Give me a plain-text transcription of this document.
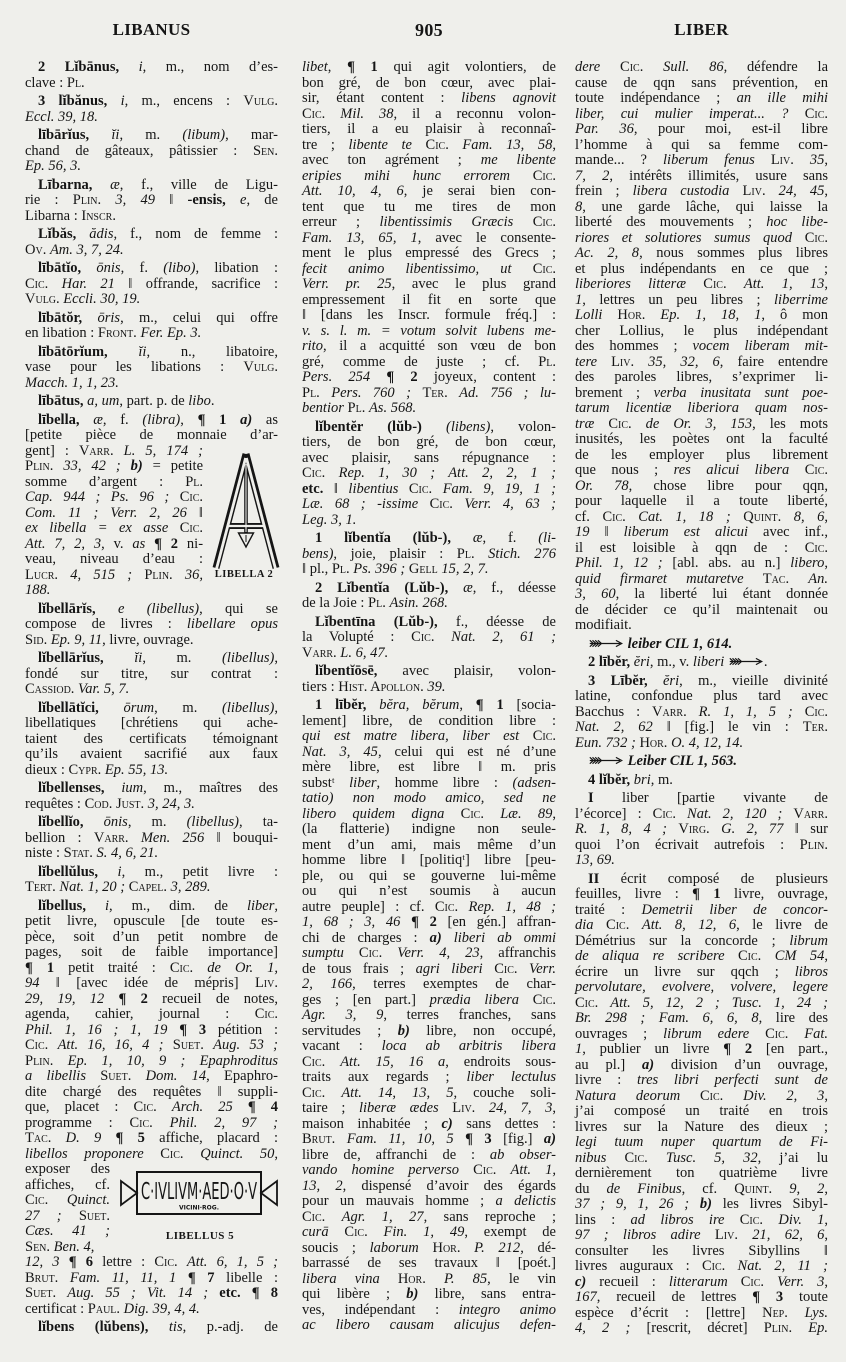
LIBANUS	905	LIBER
2 Lĭbānus, i, m., nom d’es-
clave : Pl.
3 lĭbănus, i, m., encens : Vulg.
Eccl. 39, 18.
lībārĭus, ĭi, m. (libum), mar-
chand de gâteaux, pâtissier : Sen.
Ep. 56, 3.
Lībarna, æ, f., ville de Ligu-
rie : Plin. 3, 49 ‖ -ensis, e, de
Libarna : Inscr.
Lĭbăs, ădis, f., nom de femme :
Ov. Am. 3, 7, 24.
lībātĭo, ōnis, f. (libo), libation :
Cic. Har. 21 ‖ offrande, sacrifice :
Vulg. Eccli. 30, 19.
lībātŏr, ōris, m., celui qui offre
en libation : Front. Fer. Ep. 3.
lībātōrĭum, ĭi, n., libatoire,
vase pour les libations : Vulg.
Macch. 1, 1, 23.
lībātus, a, um, part. p. de libo.
lībella, æ, f. (libra), ¶ 1 a) as
[petite pièce de monnaie d’ar-
gent] : Varr. L. 5, 174 ;
Plin. 33, 42 ; b) = petite
somme d’argent : Pl.
Cap. 944 ; Ps. 96 ; Cic.
Com. 11 ; Verr. 2, 26 ‖
ex libella = ex asse Cic.
Att. 7, 2, 3, v. as ¶ 2 ni-
veau, niveau d’eau :
Lucr. 4, 515 ; Plin. 36,
188.
lĭbellārĭs, e (libellus), qui se
compose de livres : libellare opus
Sid. Ep. 9, 11, livre, ouvrage.
lĭbellārĭus, ĭi, m. (libellus),
fondé sur titre, sur contrat :
Cassiod. Var. 5, 7.
lĭbellātĭci, ōrum, m. (libellus),
libellatiques [chrétiens qui ache-
taient des certificats témoignant
qu’ils avaient sacrifié aux faux
dieux : Cypr. Ep. 55, 13.
lĭbellenses, ium, m., maîtres des
requêtes : Cod. Just. 3, 24, 3.
lĭbellĭo, ōnis, m. (libellus), ta-
bellion : Varr. Men. 256 ‖ bouqui-
niste : Stat. S. 4, 6, 21.
lĭbellŭlus, i, m., petit livre :
Tert. Nat. 1, 20 ; Capel. 3, 289.
lĭbellus, i, m., dim. de liber,
petit livre, opuscule [de toute es-
pèce, soit d’un petit nombre de
pages, soit de faible importance]
¶ 1 petit traité : Cic. de Or. 1,
94 ‖ [avec idée de mépris] Liv.
29, 19, 12 ¶ 2 recueil de notes,
agenda, cahier, journal : Cic.
Phil. 1, 16 ; 1, 19 ¶ 3 pétition :
Cic. Att. 16, 16, 4 ; Suet. Aug. 53 ;
Plin. Ep. 1, 10, 9 ; Epaphroditus
a libellis Suet. Dom. 14, Epaphro-
dite chargé des requêtes ‖ suppli-
que, placet : Cic. Arch. 25 ¶ 4
programme : Cic. Phil. 2, 97 ;
Tac. D. 9 ¶ 5 affiche, placard :
libellos proponere Cic. Quinct. 50,
exposer des
affiches, cf.
Cic. Quinct.
27 ; Suet.
Cæs. 41 ;
Sen. Ben. 4,
12, 3 ¶ 6 lettre : Cic. Att. 6, 1, 5 ;
Brut. Fam. 11, 11, 1 ¶ 7 libelle :
Suet. Aug. 55 ; Vit. 14 ; etc. ¶ 8
certificat : Paul. Dig. 39, 4, 4.
lĭbens (lŭbens), tis, p.-adj. de
libet, ¶ 1 qui agit volontiers, de
bon gré, de bon cœur, avec plai-
sir, étant content : libens agnovit
Cic. Mil. 38, il a reconnu volon-
tiers, il a eu plaisir à reconnaî-
tre ; libente te Cic. Fam. 13, 58,
avec ton agrément ; me libente
eripies mihi hunc errorem Cic.
Att. 10, 4, 6, je serai bien con-
tent que tu me tires de mon
erreur ; libentissimis Græcis Cic.
Fam. 13, 65, 1, avec le consente-
ment le plus empressé des Grecs ;
fecit animo libentissimo, ut Cic.
Verr. pr. 25, avec le plus grand
empressement il fit en sorte que
‖ [dans les Inscr. formule fréq.] :
v. s. l. m. = votum solvit lubens me-
rito, il a acquitté son vœu de bon
gré, comme de juste ; cf. Pl.
Pers. 254 ¶ 2 joyeux, content :
Pl. Pers. 760 ; Ter. Ad. 756 ; lu-
bentior Pl. As. 568.
lĭbentĕr (lŭb-) (libens), volon-
tiers, de bon gré, de bon cœur,
avec plaisir, sans répugnance :
Cic. Rep. 1, 30 ; Att. 2, 2, 1 ;
etc. ‖ libentius Cic. Fam. 9, 19, 1 ;
Læ. 68 ; -issime Cic. Verr. 4, 63 ;
Leg. 3, 1.
1 lĭbentĭa (lŭb-), æ, f. (li-
bens), joie, plaisir : Pl. Stich. 276
‖ pl., Pl. Ps. 396 ; Gell 15, 2, 7.
2 Lĭbentĭa (Lŭb-), æ, f., déesse
de la Joie : Pl. Asin. 268.
Lĭbentīna (Lŭb-), f., déesse de
la Volupté : Cic. Nat. 2, 61 ;
Varr. L. 6, 47.
lĭbentĭōsē, avec plaisir, volon-
tiers : Hist. Apollon. 39.
1 lībĕr, bĕra, bĕrum, ¶ 1 [socia-
lement] libre, de condition libre :
qui est matre libera, liber est Cic.
Nat. 3, 45, celui qui est né d’une
mère libre, est libre ‖ m. pris
substᵗ liber, homme libre : (adsen-
tatio) non modo amico, sed ne
libero quidem digna Cic. Læ. 89,
(la flatterie) indigne non seule-
ment d’un ami, mais même d’un
homme libre ‖ [politiqᵗ] libre [peu-
ple, ou qui se gouverne lui-même
ou qui n’est soumis à aucun
autre peuple] : cf. Cic. Rep. 1, 48 ;
1, 68 ; 3, 46 ¶ 2 [en gén.] affran-
chi de charges : a) liberi ab ommi
sumptu Cic. Verr. 4, 23, affranchis
de tous frais ; agri liberi Cic. Verr.
2, 166, terres exemptes de char-
ges ; [en part.] prædia libera Cic.
Agr. 3, 9, terres franches, sans
servitudes ; b) libre, non occupé,
vacant : loca ab arbitris libera
Cic. Att. 15, 16 a, endroits sous-
traits aux regards ; liber lectulus
Cic. Att. 14, 13, 5, couche soli-
taire ; liberæ ædes Liv. 24, 7, 3,
maison inhabitée ; c) sans dettes :
Brut. Fam. 11, 10, 5 ¶ 3 [fig.] a)
libre de, affranchi de : ab obser-
vando homine perverso Cic. Att. 1,
13, 2, dispensé d’avoir des égards
pour un mauvais homme ; a delictis
Cic. Agr. 1, 27, sans reproche ;
curā Cic. Fin. 1, 49, exempt de
soucis ; laborum Hor. P. 212, dé-
barrassé de ses travaux ‖ [poét.]
libera vina Hor. P. 85, le vin
qui libère ; b) libre, sans entra-
ves, indépendant : integro animo
ac libero causam alicujus defen-
dere Cic. Sull. 86, défendre la
cause de qqn sans prévention, en
toute indépendance ; an ille mihi
liber, cui mulier imperat... ? Cic.
Par. 36, pour moi, est-il libre
l’homme à qui sa femme com-
mande... ? liberum fenus Liv. 35,
7, 2, intérêts illimités, usure sans
frein ; libera custodia Liv. 24, 45,
8, une garde lâche, qui laisse la
liberté des mouvements ; hoc libe-
riores et solutiores sumus quod Cic.
Ac. 2, 8, nous sommes plus libres
et plus indépendants en ce que ;
liberiores litteræ Cic. Att. 1, 13,
1, lettres un peu libres ; liberrime
Lolli Hor. Ep. 1, 18, 1, ô mon
cher Lollius, le plus indépendant
des hommes ; vocem liberam mit-
tere Liv. 35, 32, 6, faire entendre
des paroles libres, s’exprimer li-
brement ; verba inusitata sunt poe-
tarum licentiæ liberiora quam nos-
træ Cic. de Or. 3, 153, les mots
inusités, les poètes ont la faculté
de les employer plus librement
que nous ; res alicui libera Cic.
Or. 78, chose libre pour qqn,
pour laquelle il a toute liberté,
cf. Cic. Cat. 1, 18 ; Quint. 8, 6,
19 ‖ liberum est alicui avec inf.,
il est loisible à qqn de : Cic.
Phil. 1, 12 ; [abl. abs. au n.] libero,
quid firmaret mutaretve Tac. An.
3, 60, la liberté lui étant donnée
de décider ce qu’il maintenait ou
modifiait.
leiber CIL 1, 614.
2 lībĕr, ĕri, m., v. liberi	.
3 Lībĕr, ĕri, m., vieille divinité
latine, confondue plus tard avec
Bacchus : Varr. R. 1, 1, 5 ; Cic.
Nat. 2, 62 ‖ [fig.] le vin : Ter.
Eun. 732 ; Hor. O. 4, 12, 14.
Leiber CIL 1, 563.
4 lĭbĕr, bri, m.
I liber [partie vivante de
l’écorce] : Cic. Nat. 2, 120 ; Varr.
R. 1, 8, 4 ; Virg. G. 2, 77 ‖ sur
quoi l’on écrivait autrefois : Plin.
13, 69.
II écrit composé de plusieurs
feuilles, livre : ¶ 1 livre, ouvrage,
traité : Demetrii liber de concor-
dia Cic. Att. 8, 12, 6, le livre de
Démétrius sur la concorde ; librum
de aliqua re scribere Cic. CM 54,
écrire un livre sur qqch ; libros
pervolutare, evolvere, volvere, legere
Cic. Att. 5, 12, 2 ; Tusc. 1, 24 ;
Br. 298 ; Fam. 6, 6, 8, lire des
ouvrages ; librum edere Cic. Fat.
1, publier un livre ¶ 2 [en part.,
au pl.] a) division d’un ouvrage,
livre : tres libri perfecti sunt de
Natura deorum Cic. Div. 2, 3,
j’ai composé un traité en trois
livres sur la Nature des dieux ;
legi tuum nuper quartum de Fi-
nibus Cic. Tusc. 5, 32, j’ai lu
dernièrement ton quatrième livre
du de Finibus, cf. Quint. 9, 2,
37 ; 9, 1, 26 ; b) les livres Sibyl-
lins : ad libros ire Cic. Div. 1,
97 ; libros adire Liv. 21, 62, 6,
consulter les livres Sibyllins ‖
livres auguraux : Cic. Nat. 2, 11 ;
c) recueil : litterarum Cic. Verr. 3,
167, recueil de lettres ¶ 3 toute
espèce d’écrit : [lettre] Nep. Lys.
4, 2 ; [rescrit, décret] Plin. Ep.
LIBELLA 2
C·IVLIVM·AED·O·V
VICINI·ROG.
LIBELLUS 5
